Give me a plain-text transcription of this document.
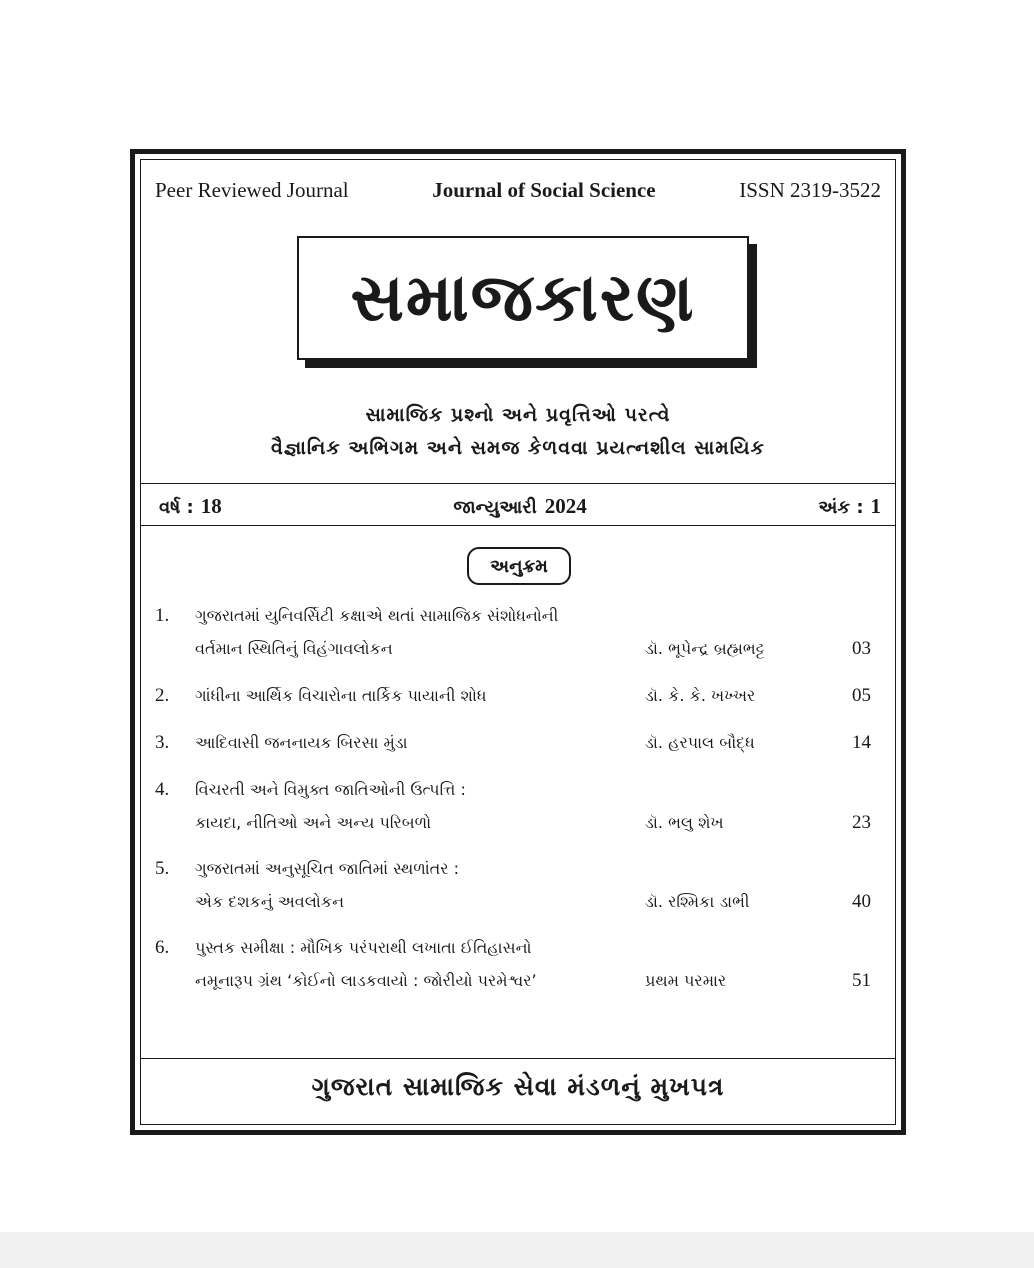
Peer Reviewed Journal	Journal of Social Science	ISSN 2319-3522
સમાજકારણ
સામાજિક પ્રશ્નો અને પ્રવૃત્તિઓ પરત્વે
વૈજ્ઞાનિક અભિગમ અને સમજ કેળવવા પ્રયત્નશીલ સામયિક
વર્ષ : 18	જાન્યુઆરી 2024	અંક : 1
અનુક્રમ
1. ગુજરાતમાં યુનિવર્સિટી કક્ષાએ થતાં સામાજિક સંશોધનોની
વર્તમાન સ્થિતિનું વિહંગાવલોકન	ડૉ. ભૂપેન્દ્ર બ્રહ્મભટ્ટ	03
2. ગાંધીના આર્થિક વિચારોના તાર્કિક પાયાની શોધ	ડૉ. કે. કે. ખખ્ખર	05
3. આદિવાસી જનનાયક બિરસા મુંડા	ડૉ. હરપાલ બૌદ્ધ	14
4. વિચરતી અને વિમુક્ત જાતિઓની ઉત્પત્તિ :
કાયદા, નીતિઓ અને અન્ય પરિબળો	ડૉ. ભલુ શેખ	23
5. ગુજરાતમાં અનુસૂચિત જાતિમાં સ્થળાંતર :
એક દશકનું અવલોકન	ડૉ. રશ્મિકા ડાભી	40
6. પુસ્તક સમીક્ષા : મૌખિક પરંપરાથી લખાતા ઈતિહાસનો
નમૂનારૂપ ગ્રંથ ‘કોઈનો લાડકવાયો : જોરીયો પરમેશ્વર’	પ્રથમ પરમાર	51
ગુજરાત સામાજિક સેવા મંડળનું મુખપત્ર
